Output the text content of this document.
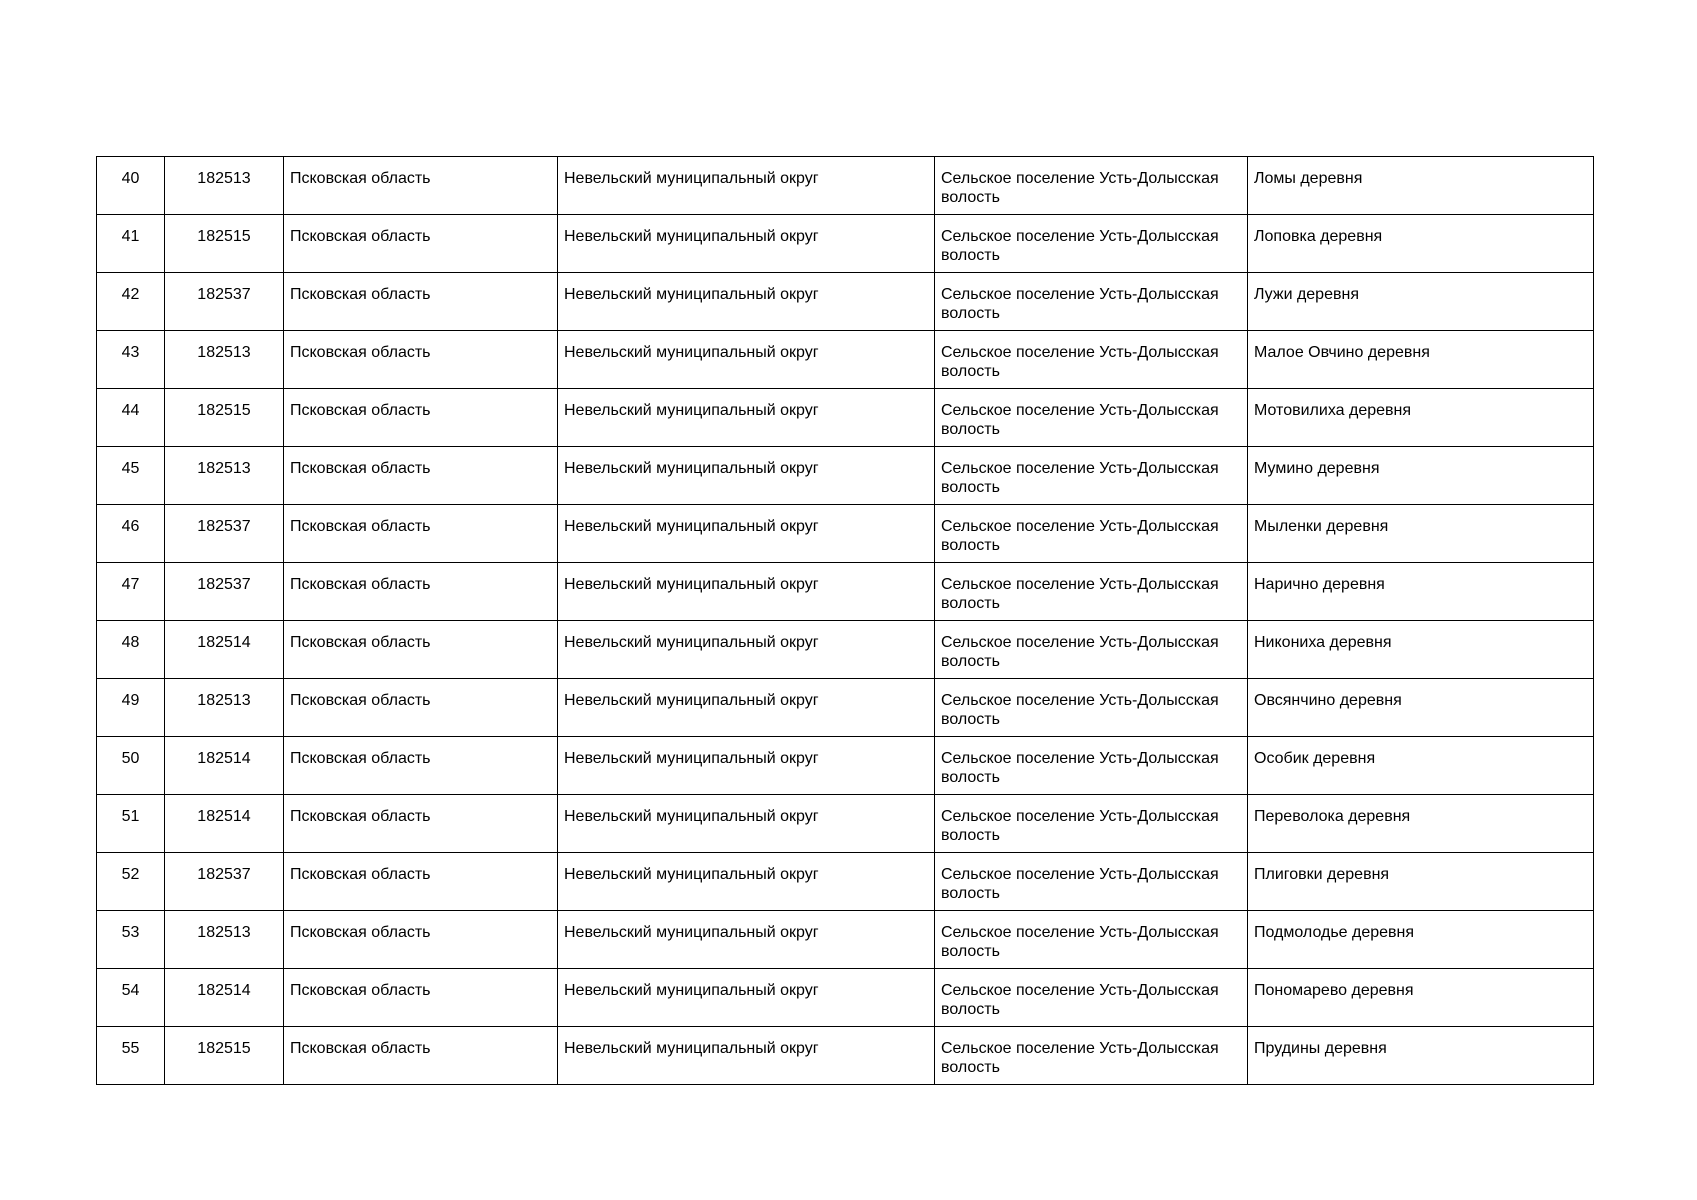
40	182513	Псковская область	Невельский муниципальный округ	Сельское поселение Усть-Долысская волость	Ломы деревня
41	182515	Псковская область	Невельский муниципальный округ	Сельское поселение Усть-Долысская волость	Лоповка деревня
42	182537	Псковская область	Невельский муниципальный округ	Сельское поселение Усть-Долысская волость	Лужи деревня
43	182513	Псковская область	Невельский муниципальный округ	Сельское поселение Усть-Долысская волость	Малое Овчино деревня
44	182515	Псковская область	Невельский муниципальный округ	Сельское поселение Усть-Долысская волость	Мотовилиха деревня
45	182513	Псковская область	Невельский муниципальный округ	Сельское поселение Усть-Долысская волость	Мумино деревня
46	182537	Псковская область	Невельский муниципальный округ	Сельское поселение Усть-Долысская волость	Мыленки деревня
47	182537	Псковская область	Невельский муниципальный округ	Сельское поселение Усть-Долысская волость	Нарично деревня
48	182514	Псковская область	Невельский муниципальный округ	Сельское поселение Усть-Долысская волость	Никониха деревня
49	182513	Псковская область	Невельский муниципальный округ	Сельское поселение Усть-Долысская волость	Овсянчино деревня
50	182514	Псковская область	Невельский муниципальный округ	Сельское поселение Усть-Долысская волость	Особик деревня
51	182514	Псковская область	Невельский муниципальный округ	Сельское поселение Усть-Долысская волость	Переволока деревня
52	182537	Псковская область	Невельский муниципальный округ	Сельское поселение Усть-Долысская волость	Плиговки деревня
53	182513	Псковская область	Невельский муниципальный округ	Сельское поселение Усть-Долысская волость	Подмолодье деревня
54	182514	Псковская область	Невельский муниципальный округ	Сельское поселение Усть-Долысская волость	Пономарево деревня
55	182515	Псковская область	Невельский муниципальный округ	Сельское поселение Усть-Долысская волость	Прудины деревня
